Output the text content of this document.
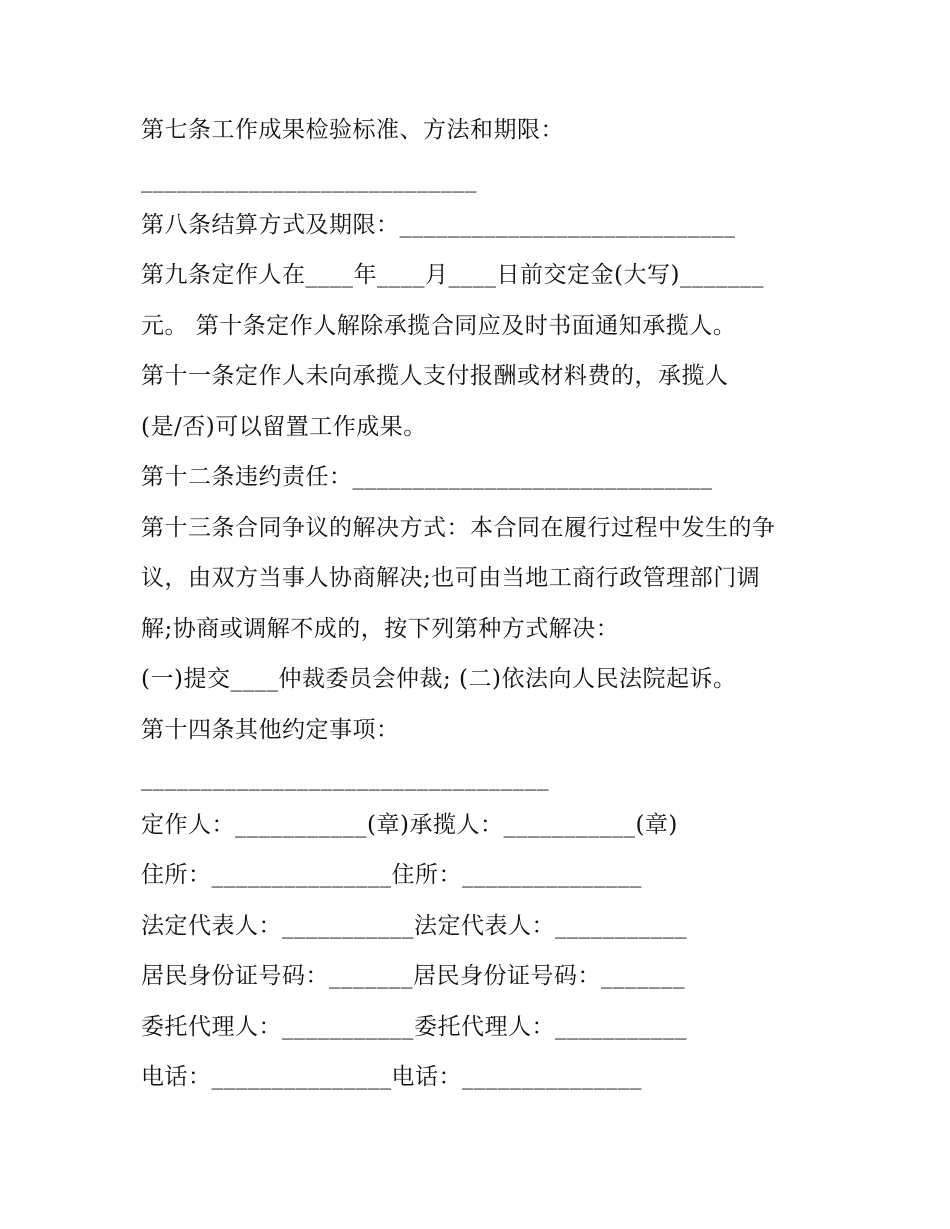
第七条工作成果检验标准、方法和期限：
____________________________
第八条结算方式及期限：____________________________
第九条定作人在____年____月____日前交定金(大写)_______
元。 第十条定作人解除承揽合同应及时书面通知承揽人。
第十一条定作人未向承揽人支付报酬或材料费的，承揽人
(是/否)可以留置工作成果。
第十二条违约责任：______________________________
第十三条合同争议的解决方式：本合同在履行过程中发生的争
议，由双方当事人协商解决;也可由当地工商行政管理部门调
解;协商或调解不成的，按下列第种方式解决：
(一)提交____仲裁委员会仲裁; (二)依法向人民法院起诉。
第十四条其他约定事项：
__________________________________
定作人：___________(章)承揽人：___________(章)
住所：_______________住所：_______________
法定代表人：___________法定代表人：___________
居民身份证号码：_______居民身份证号码：_______
委托代理人：___________委托代理人：___________
电话：_______________电话：_______________
